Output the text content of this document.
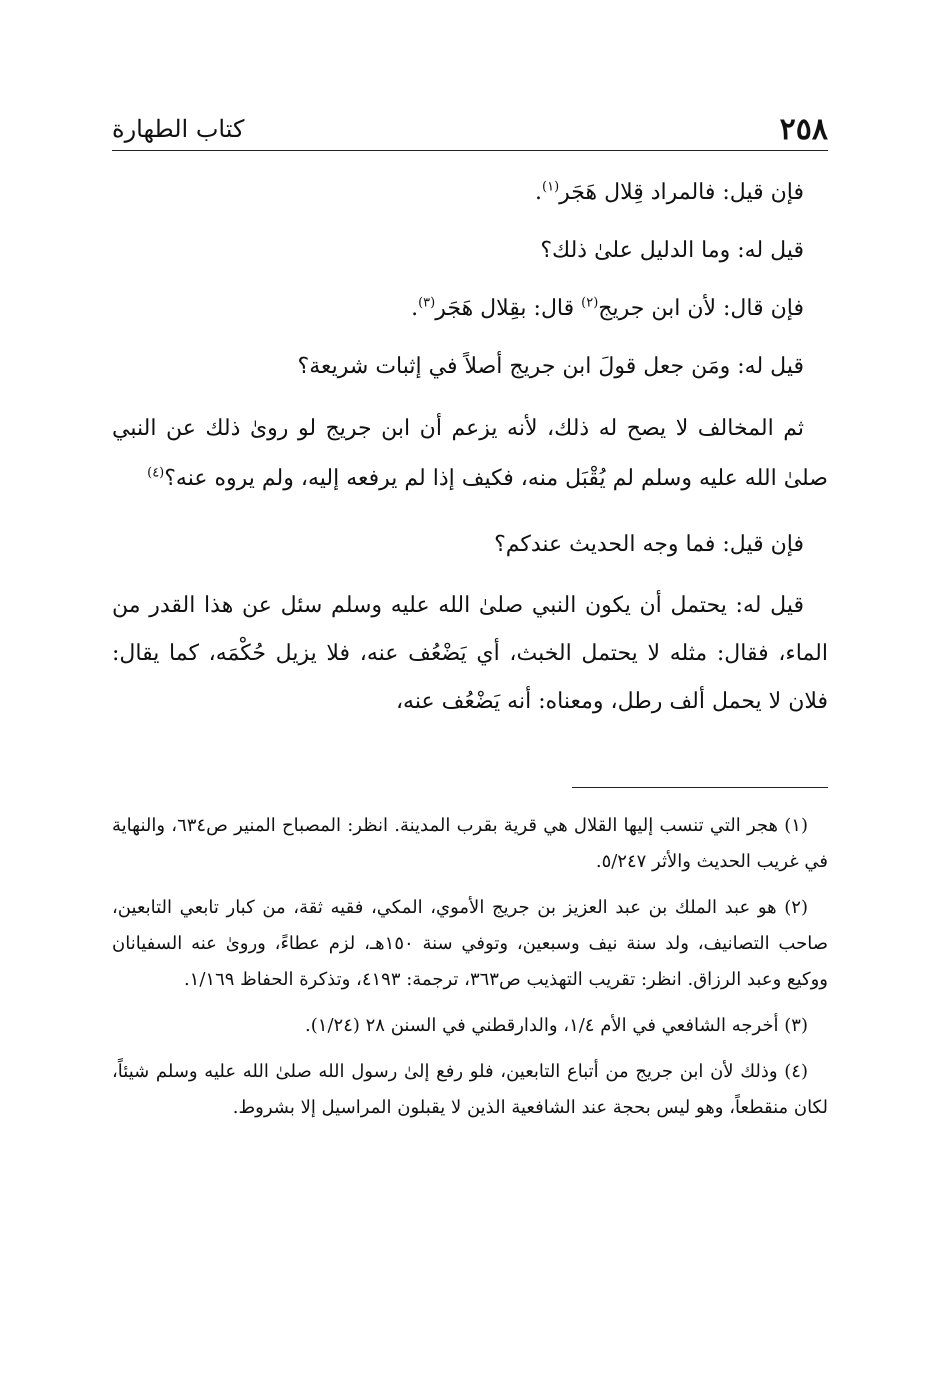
٢٥٨
كتاب الطهارة

فإن قيل: فالمراد قِلال هَجَر$^{(١)}$.

قيل له: وما الدليل علىٰ ذلك؟

فإن قال: لأن ابن جريج$^{(٢)}$ قال: بقِلال هَجَر$^{(٣)}$.

قيل له: ومَن جعل قولَ ابن جريج أصلاً في إثبات شريعة؟

ثم المخالف لا يصح له ذلك، لأنه يزعم أن ابن جريج لو روىٰ ذلك عن النبي صلىٰ الله عليه وسلم لم يُقْبَل منه، فكيف إذا لم يرفعه إليه، ولم يروه عنه؟$^{(٤)}$

فإن قيل: فما وجه الحديث عندكم؟

قيل له: يحتمل أن يكون النبي صلىٰ الله عليه وسلم سئل عن هذا القدر من الماء، فقال: مثله لا يحتمل الخبث، أي يَضْعُف عنه، فلا يزيل حُكْمَه، كما يقال: فلان لا يحمل ألف رطل، ومعناه: أنه يَضْعُف عنه،

(١) هجر التي تنسب إليها القلال هي قرية بقرب المدينة. انظر: المصباح المنير ص٦٣٤، والنهاية في غريب الحديث والأثر ٥/٢٤٧.

(٢) هو عبد الملك بن عبد العزيز بن جريج الأموي، المكي، فقيه ثقة، من كبار تابعي التابعين، صاحب التصانيف، ولد سنة نيف وسبعين، وتوفي سنة ١٥٠هـ، لزم عطاءً، وروىٰ عنه السفيانان ووكيع وعبد الرزاق. انظر: تقريب التهذيب ص٣٦٣، ترجمة: ٤١٩٣، وتذكرة الحفاظ ١/١٦٩.

(٣) أخرجه الشافعي في الأم ١/٤، والدارقطني في السنن ٢٨ (١/٢٤).

(٤) وذلك لأن ابن جريج من أتباع التابعين، فلو رفع إلىٰ رسول الله صلىٰ الله عليه وسلم شيئاً، لكان منقطعاً، وهو ليس بحجة عند الشافعية الذين لا يقبلون المراسيل إلا بشروط.
